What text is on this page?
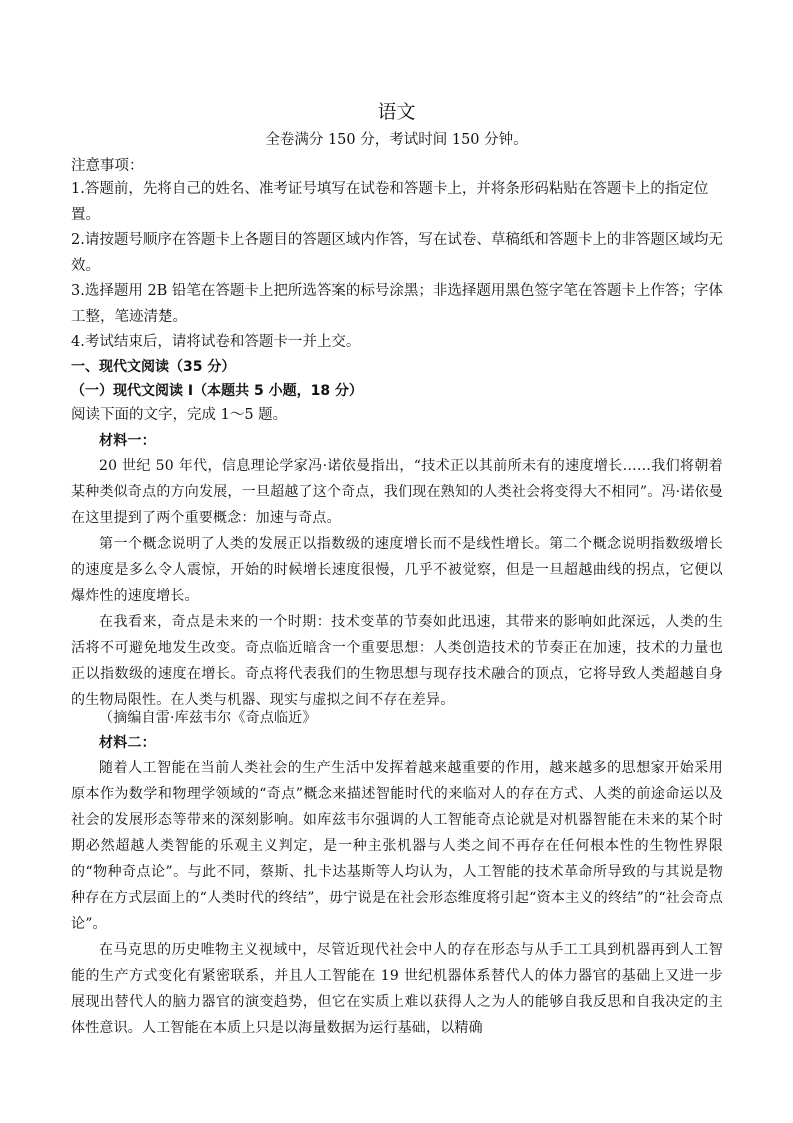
语文
全卷满分 150 分，考试时间 150 分钟。
注意事项：

1.答题前，先将自己的姓名、准考证号填写在试卷和答题卡上，并将条形码粘贴在答题卡上的指定位置。

2.请按题号顺序在答题卡上各题目的答题区域内作答，写在试卷、草稿纸和答题卡上的非答题区域均无效。

3.选择题用 2B 铅笔在答题卡上把所选答案的标号涂黑；非选择题用黑色签字笔在答题卡上作答；字体工整，笔迹清楚。

4.考试结束后，请将试卷和答题卡一并上交。

一、现代文阅读（35 分）
（一）现代文阅读 I（本题共 5 小题，18 分）
阅读下面的文字，完成 1～5 题。

材料一：

20 世纪 50 年代，信息理论学家冯·诺依曼指出，“技术正以其前所未有的速度增长……我们将朝着某种类似奇点的方向发展，一旦超越了这个奇点，我们现在熟知的人类社会将变得大不相同”。冯·诺依曼在这里提到了两个重要概念：加速与奇点。

第一个概念说明了人类的发展正以指数级的速度增长而不是线性增长。第二个概念说明指数级增长的速度是多么令人震惊，开始的时候增长速度很慢，几乎不被觉察，但是一旦超越曲线的拐点，它便以爆炸性的速度增长。

在我看来，奇点是未来的一个时期：技术变革的节奏如此迅速，其带来的影响如此深远，人类的生活将不可避免地发生改变。奇点临近暗含一个重要思想：人类创造技术的节奏正在加速，技术的力量也正以指数级的速度在增长。奇点将代表我们的生物思想与现存技术融合的顶点，它将导致人类超越自身的生物局限性。在人类与机器、现实与虚拟之间不存在差异。

（摘编自雷·库兹韦尔《奇点临近》

材料二：

随着人工智能在当前人类社会的生产生活中发挥着越来越重要的作用，越来越多的思想家开始采用原本作为数学和物理学领域的“奇点”概念来描述智能时代的来临对人的存在方式、人类的前途命运以及社会的发展形态等带来的深刻影响。如库兹韦尔强调的人工智能奇点论就是对机器智能在未来的某个时期必然超越人类智能的乐观主义判定，是一种主张机器与人类之间不再存在任何根本性的生物性界限的“物种奇点论”。与此不同，蔡斯、扎卡达基斯等人均认为，人工智能的技术革命所导致的与其说是物种存在方式层面上的“人类时代的终结”，毋宁说是在社会形态维度将引起“资本主义的终结”的“社会奇点论”。

在马克思的历史唯物主义视域中，尽管近现代社会中人的存在形态与从手工工具到机器再到人工智能的生产方式变化有紧密联系，并且人工智能在 19 世纪机器体系替代人的体力器官的基础上又进一步展现出替代人的脑力器官的演变趋势，但它在实质上难以获得人之为人的能够自我反思和自我决定的主体性意识。人工智能在本质上只是以海量数据为运行基础，以精确
